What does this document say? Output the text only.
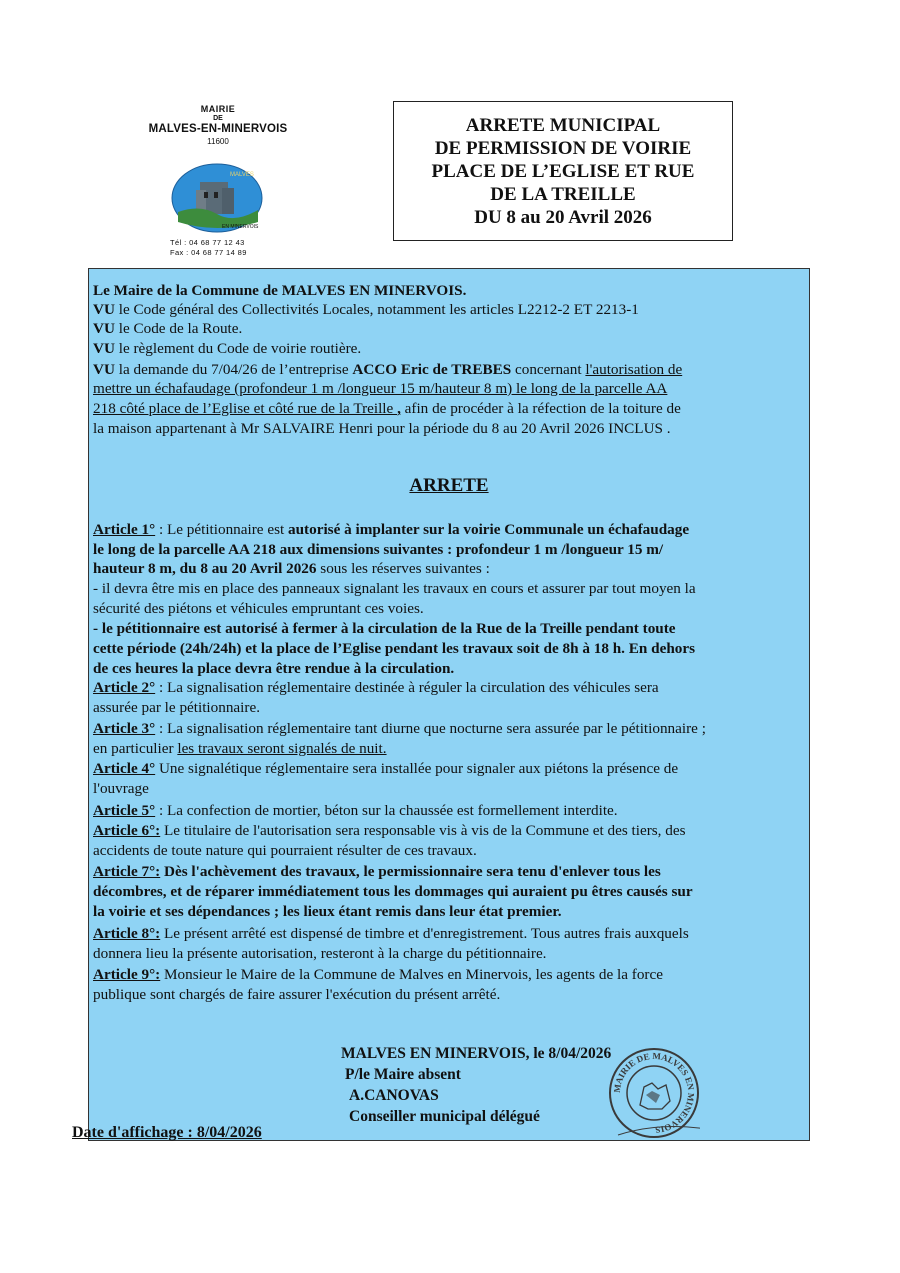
MAIRIE
DE
MALVES-EN-MINERVOIS
11600
MALVES
EN MINERVOIS
Tél : 04 68 77 12 43
Fax : 04 68 77 14 89
ARRETE MUNICIPAL
DE PERMISSION DE VOIRIE
PLACE DE L’EGLISE ET RUE
DE LA TREILLE
DU 8 au 20 Avril 2026
Le Maire de la Commune de MALVES EN MINERVOIS.
VU le Code général des Collectivités Locales, notamment les articles L2212-2 ET 2213-1
VU le Code de la Route.
VU le règlement du Code de voirie routière.
VU la demande du 7/04/26 de l’entreprise ACCO Eric de TREBES concernant l'autorisation de
mettre un échafaudage (profondeur 1 m /longueur 15 m/hauteur 8 m) le long de la parcelle AA
218 côté place de l’Eglise et côté rue de la Treille , afin de procéder à la réfection de la toiture de
la maison appartenant à Mr SALVAIRE Henri pour la période du 8 au 20 Avril 2026 INCLUS .
ARRETE
Article 1° : Le pétitionnaire est autorisé à implanter sur la voirie Communale un échafaudage
le long de la parcelle AA 218 aux dimensions suivantes : profondeur 1 m /longueur 15 m/
hauteur 8 m, du 8 au 20 Avril 2026 sous les réserves suivantes :
- il devra être mis en place des panneaux signalant les travaux en cours et assurer par tout moyen la
sécurité des piétons et véhicules empruntant ces voies.
- le pétitionnaire est autorisé à fermer à la circulation de la Rue de la Treille pendant toute
cette période (24h/24h) et la place de l’Eglise pendant les travaux soit de 8h à 18 h. En dehors
de ces heures la place devra être rendue à la circulation.
Article 2° : La signalisation réglementaire destinée à réguler la circulation des véhicules sera
assurée par le pétitionnaire.
Article 3° : La signalisation réglementaire tant diurne que nocturne sera assurée par le pétitionnaire ;
en particulier les travaux seront signalés de nuit.
Article 4° Une signalétique réglementaire sera installée pour signaler aux piétons la présence de
l'ouvrage
Article 5° : La confection de mortier, béton sur la chaussée est formellement interdite.
Article 6°: Le titulaire de l'autorisation sera responsable vis à vis de la Commune et des tiers, des
accidents de toute nature qui pourraient résulter de ces travaux.
Article 7°: Dès l'achèvement des travaux, le permissionnaire sera tenu d'enlever tous les
décombres, et de réparer immédiatement tous les dommages qui auraient pu êtres causés sur
la voirie et ses dépendances ; les lieux étant remis dans leur état premier.
Article 8°: Le présent arrêté est dispensé de timbre et d'enregistrement. Tous autres frais auxquels
donnera lieu la présente autorisation, resteront à la charge du pétitionnaire.
Article 9°: Monsieur le Maire de la Commune de Malves en Minervois, les agents de la force
publique sont chargés de faire assurer l'exécution du présent arrêté.
MALVES EN MINERVOIS, le 8/04/2026
P/le Maire absent
A.CANOVAS
Conseiller municipal délégué
MAIRIE DE MALVES EN MINERVOIS
Date d'affichage : 8/04/2026
